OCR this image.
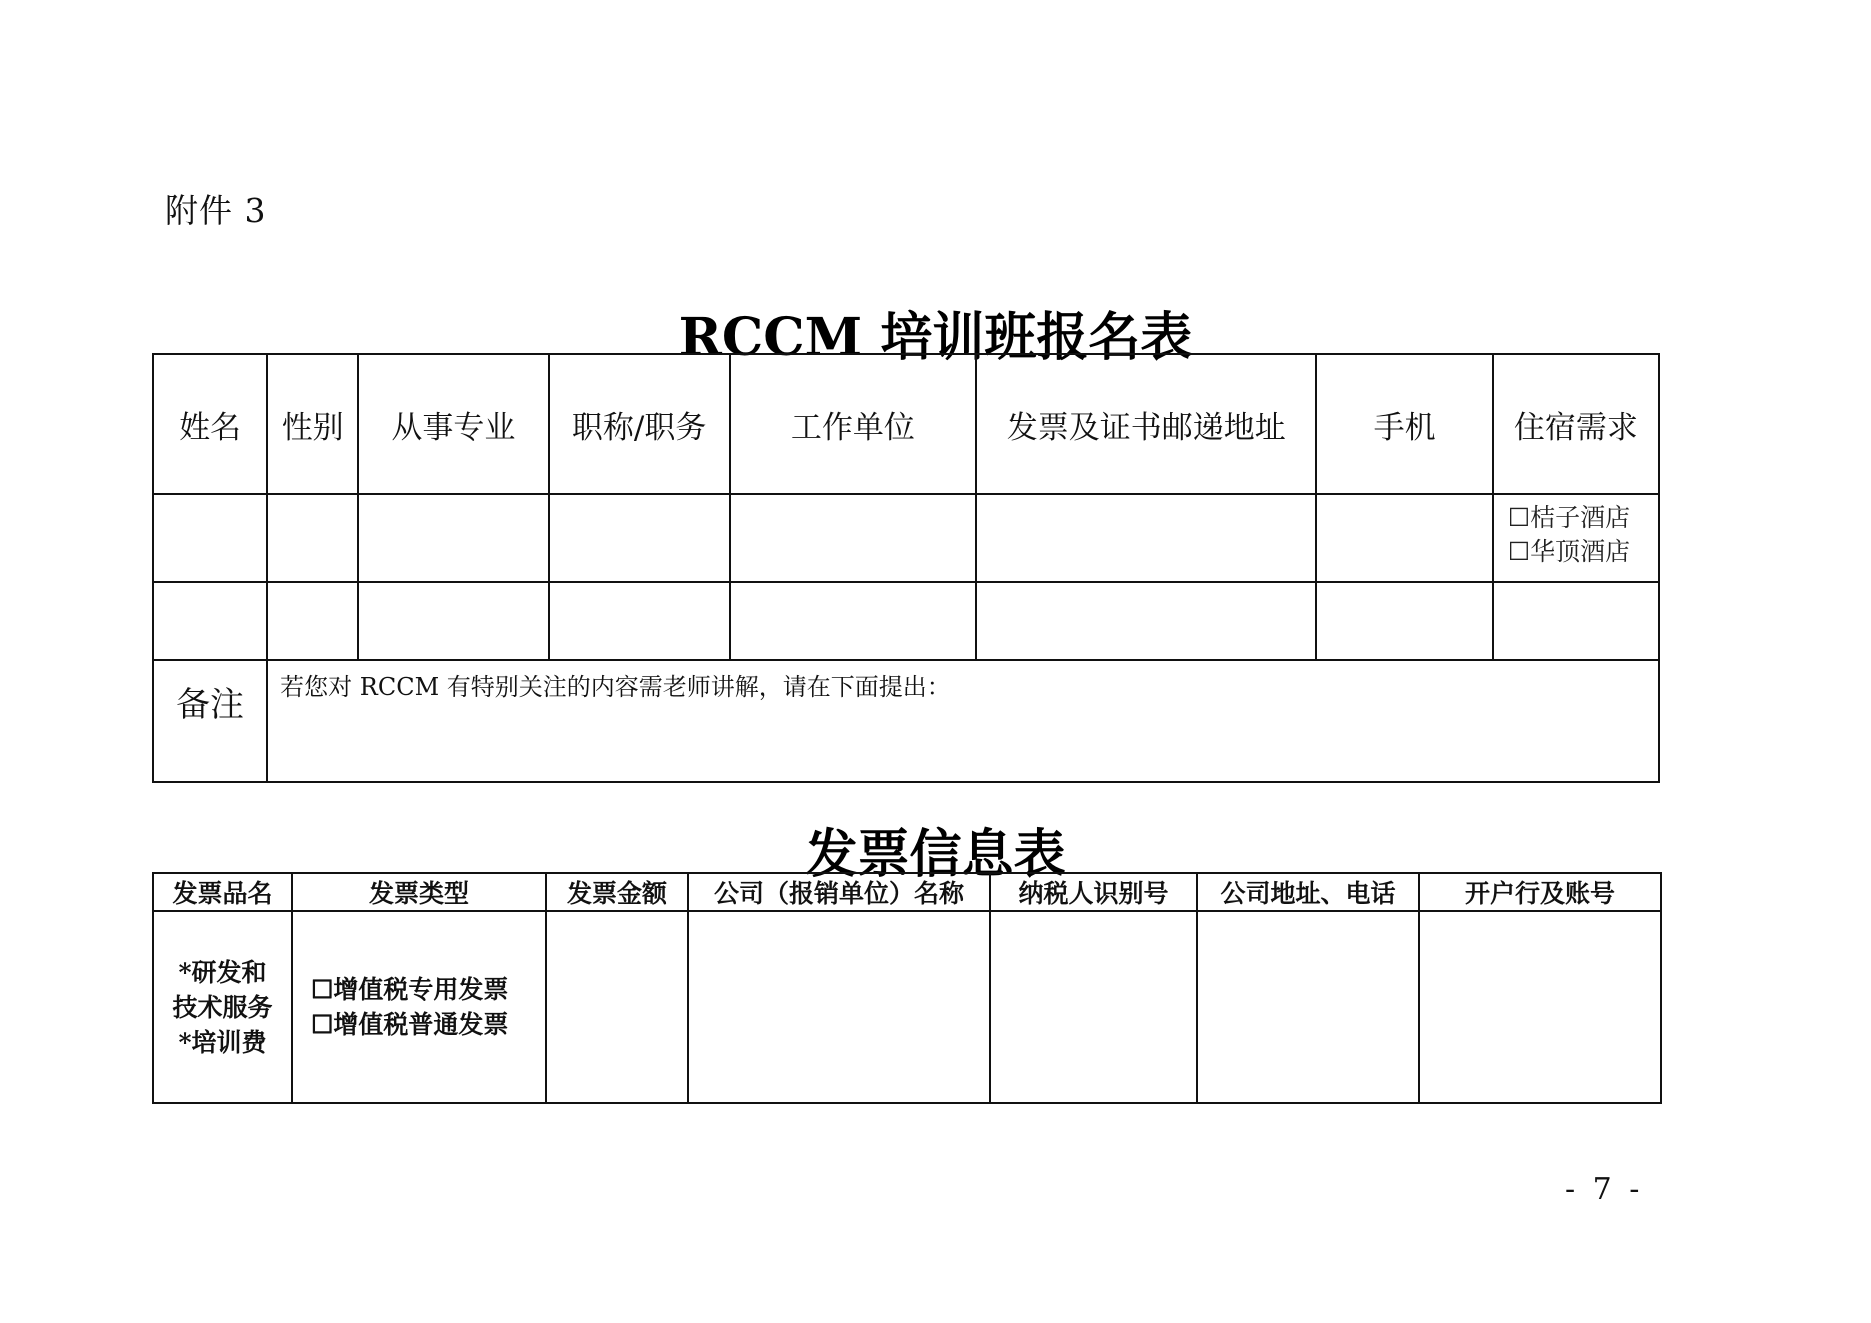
附件 3
RCCM 培训班报名表
姓名	性别	从事专业	职称/职务	工作单位	发票及证书邮递地址	手机	住宿需求

							☐桔子酒店
☐华顶酒店

备注	若您对 RCCM 有特别关注的内容需老师讲解，请在下面提出：						
发票信息表
发票品名	发票类型	发票金额	公司（报销单位）名称	纳税人识别号	公司地址、电话	开户行及账号

*研发和
技术服务
*培训费	☐增值税专用发票
☐增值税普通发票					

- 7 -
